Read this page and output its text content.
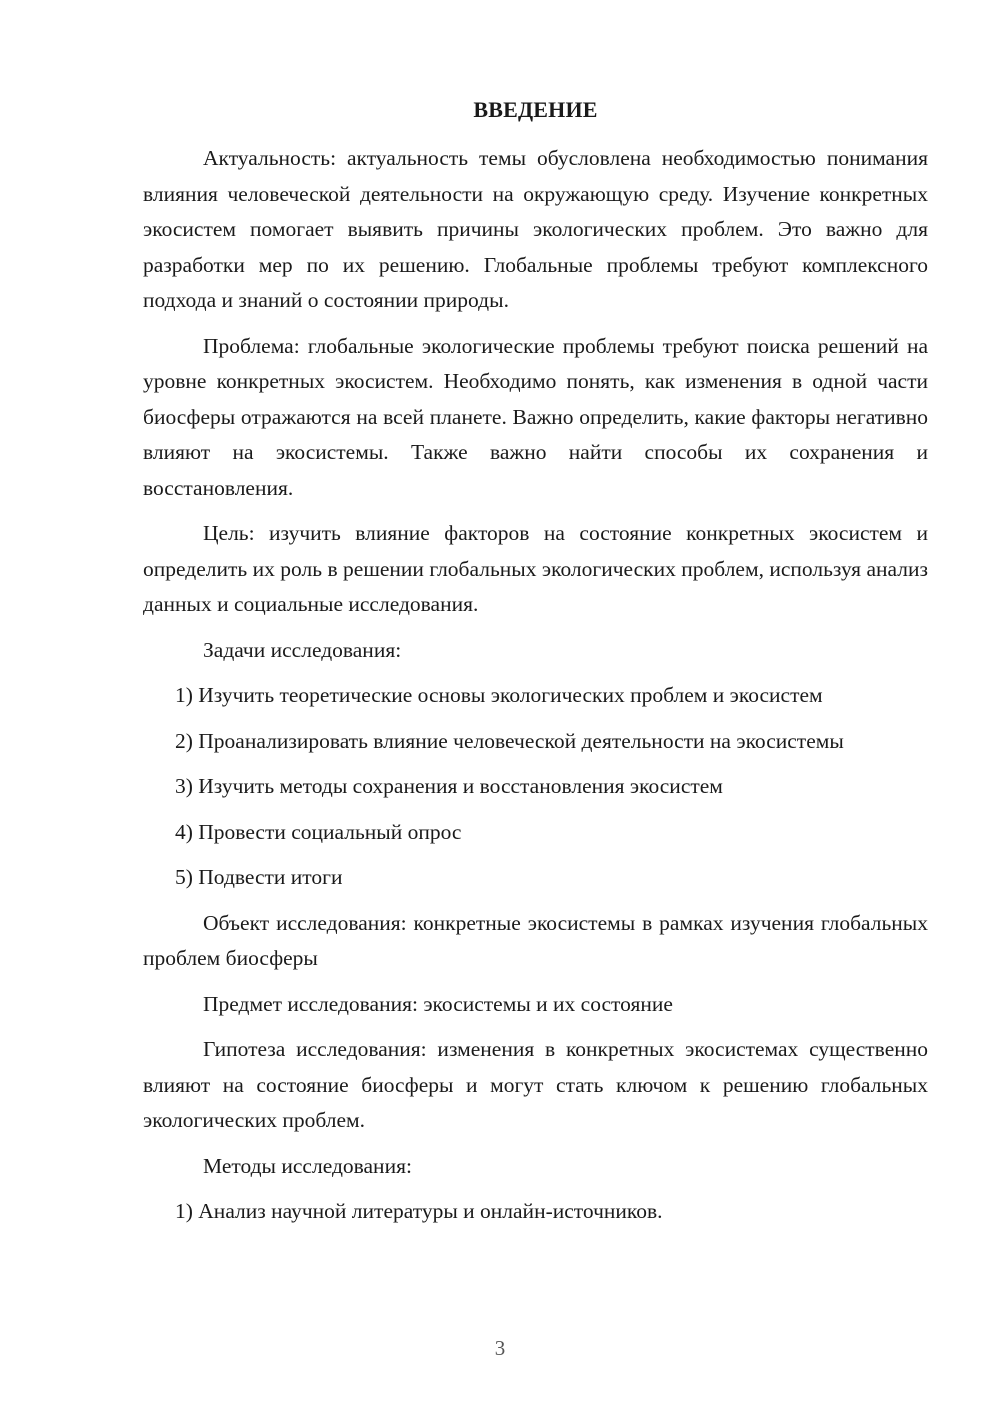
ВВЕДЕНИЕ

Актуальность: актуальность темы обусловлена необходимостью понимания влияния человеческой деятельности на окружающую среду. Изучение конкретных экосистем помогает выявить причины экологических проблем. Это важно для разработки мер по их решению. Глобальные проблемы требуют комплексного подхода и знаний о состоянии природы.

Проблема: глобальные экологические проблемы требуют поиска решений на уровне конкретных экосистем. Необходимо понять, как изменения в одной части биосферы отражаются на всей планете. Важно определить, какие факторы негативно влияют на экосистемы. Также важно найти способы их сохранения и восстановления.

Цель: изучить влияние факторов на состояние конкретных экосистем и определить их роль в решении глобальных экологических проблем, используя анализ данных и социальные исследования.

Задачи исследования:

1) Изучить теоретические основы экологических проблем и экосистем

2) Проанализировать влияние человеческой деятельности на экосистемы

3) Изучить методы сохранения и восстановления экосистем

4) Провести социальный опрос

5) Подвести итоги

Объект исследования: конкретные экосистемы в рамках изучения глобальных проблем биосферы

Предмет исследования: экосистемы и их состояние

Гипотеза исследования: изменения в конкретных экосистемах существенно влияют на состояние биосферы и могут стать ключом к решению глобальных экологических проблем.

Методы исследования:

1) Анализ научной литературы и онлайн-источников.

3
